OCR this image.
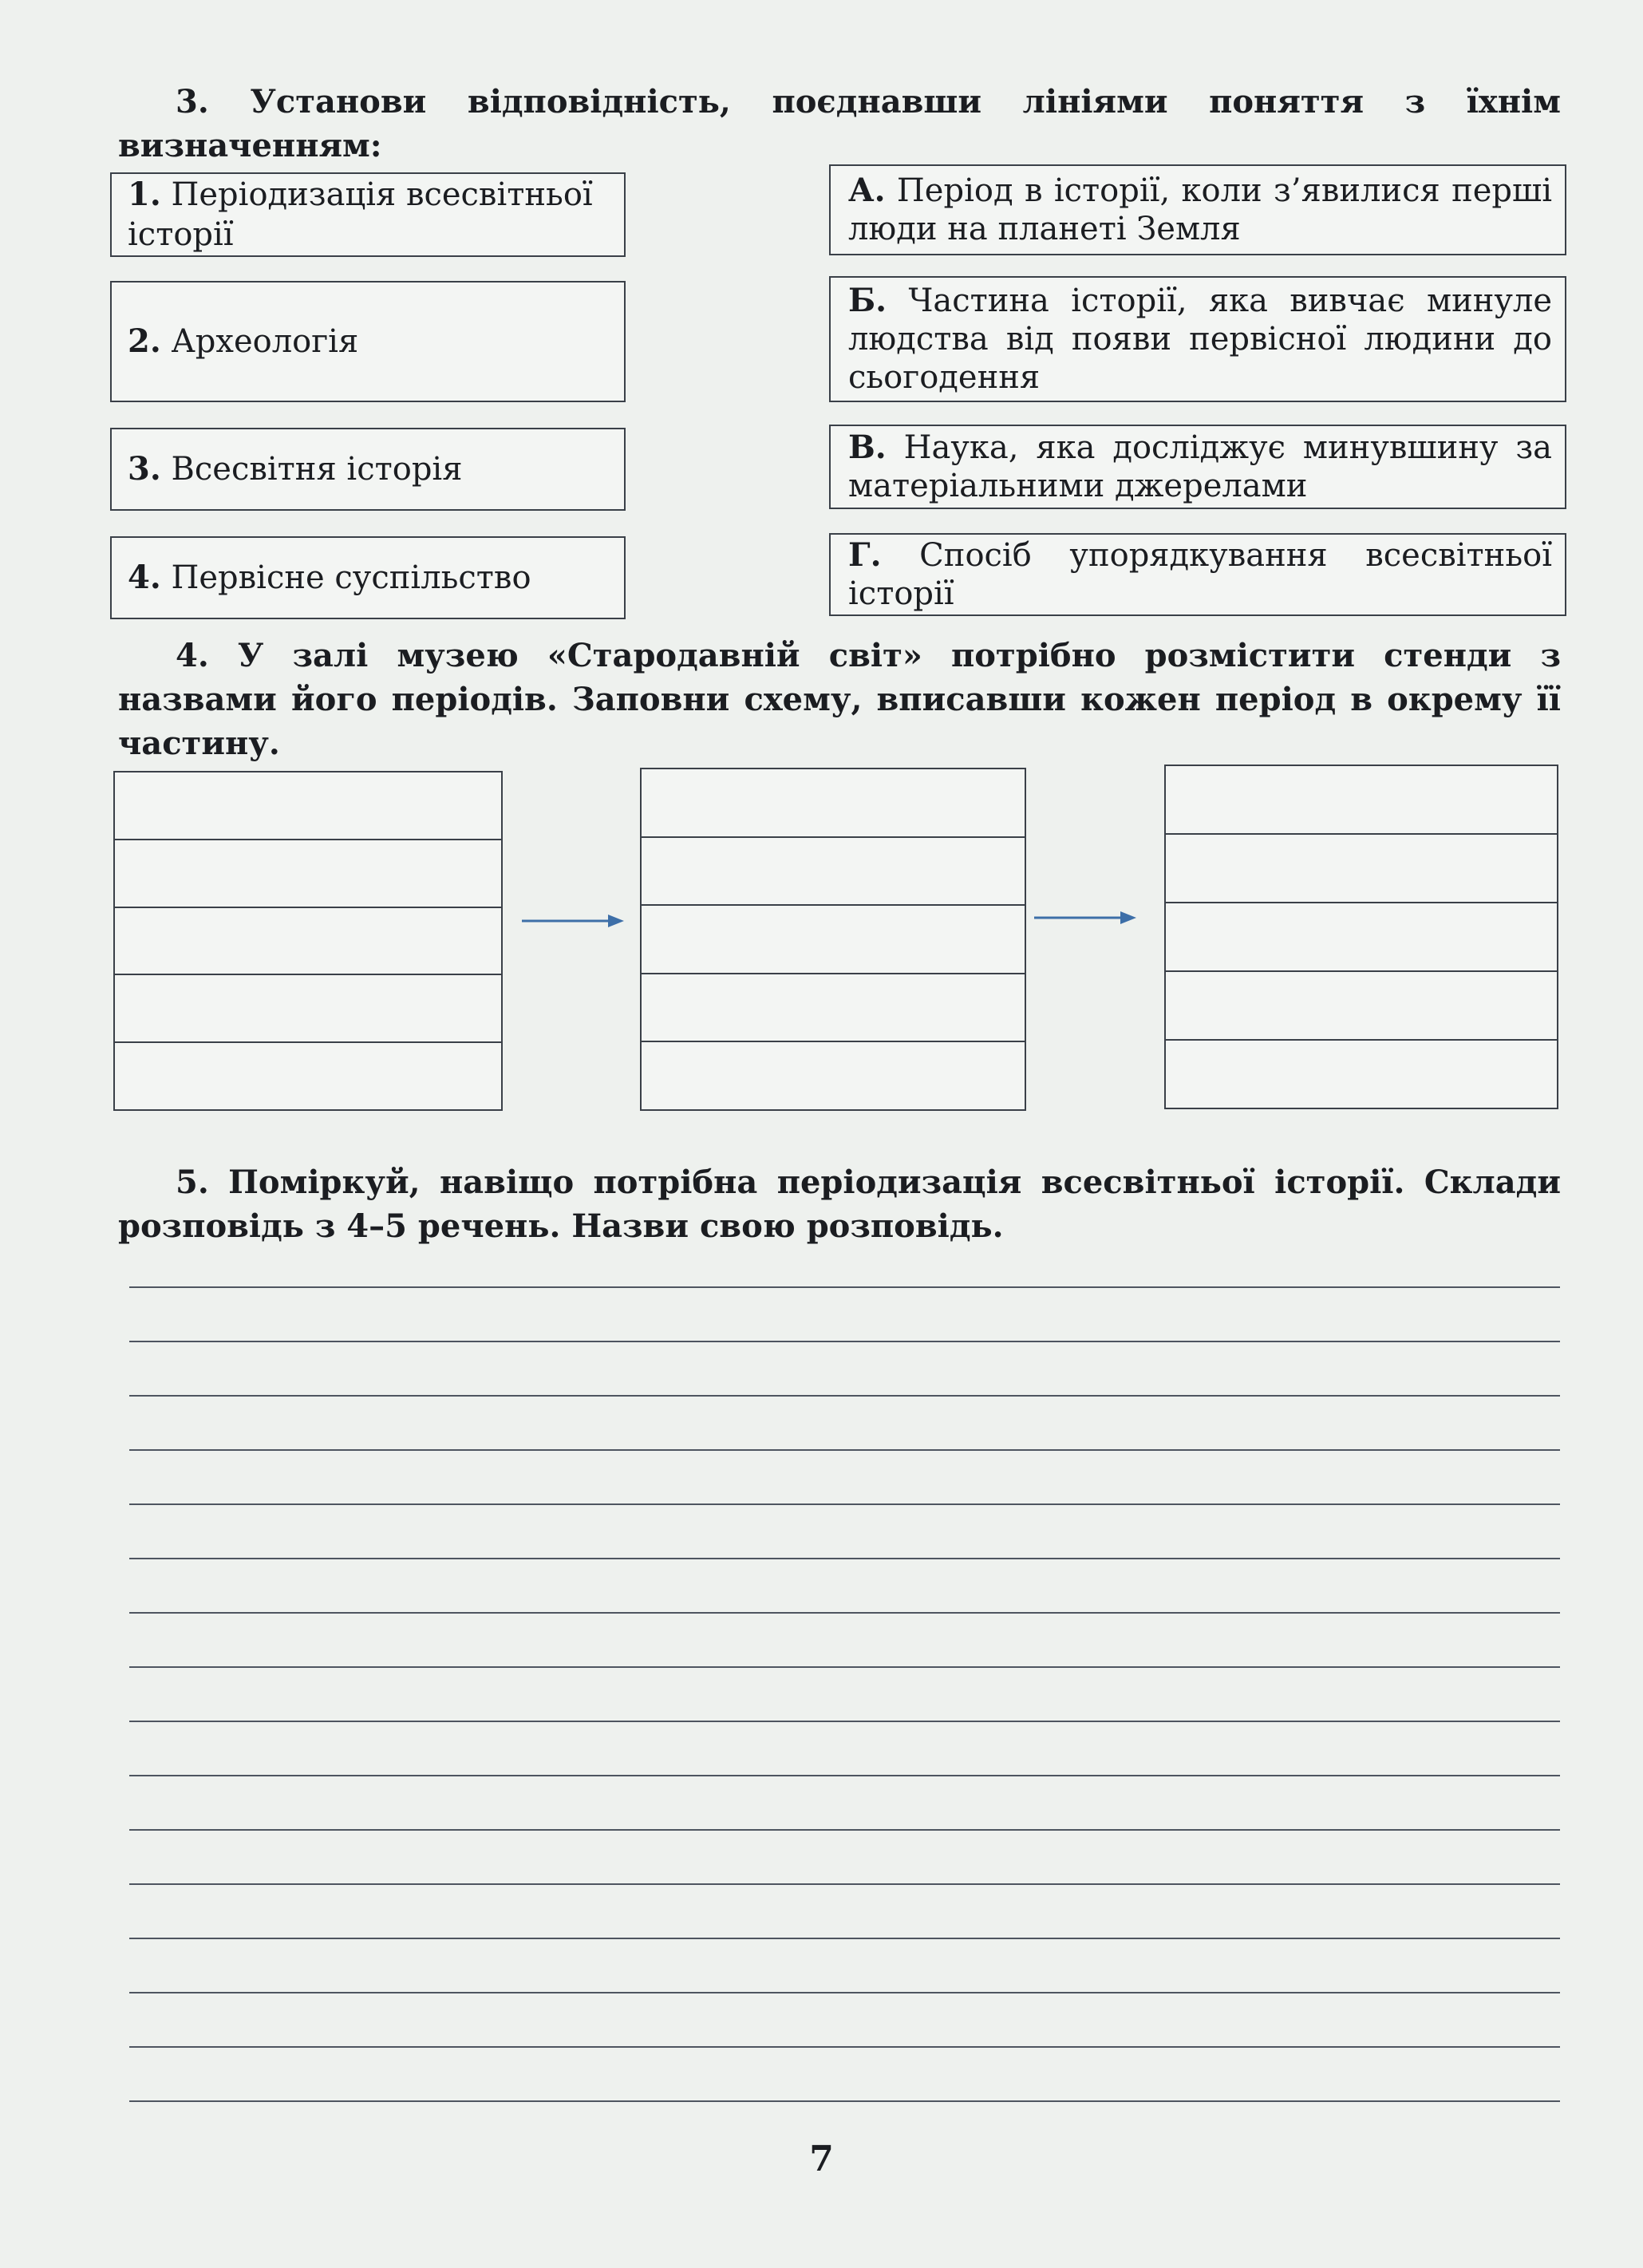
3. Установи відповідність, поєднавши лініями поняття з їхнім визначенням:
1. Періодизація всесвітньої історії
2. Археологія
3. Всесвітня історія
4. Первісне суспільство
А. Період в історії, коли з’явилися перші люди на планеті Земля
Б. Частина історії, яка вивчає минуле людства від появи первісної людини до сьогодення
В. Наука, яка досліджує минувшину за матеріальними джерелами
Г. Спосіб упорядкування всесвітньої історії
4. У залі музею «Стародавній світ» потрібно розмістити стенди з назвами його періодів. Заповни схему, вписавши кожен період в окрему її частину.
5. Поміркуй, навіщо потрібна періодизація всесвітньої історії. Склади розповідь з 4–5 речень. Назви свою розповідь.
7
